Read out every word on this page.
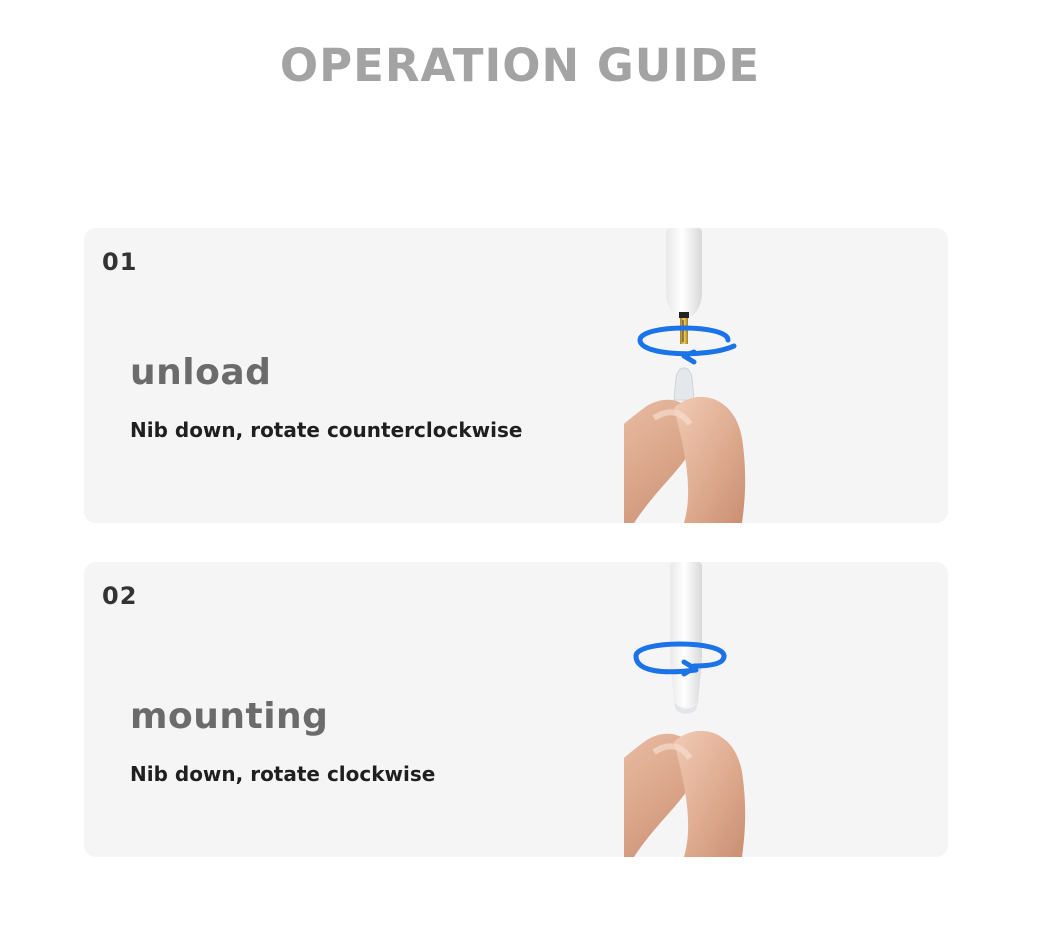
OPERATION GUIDE
01
unload
Nib down, rotate counterclockwise
02
mounting
Nib down, rotate clockwise
